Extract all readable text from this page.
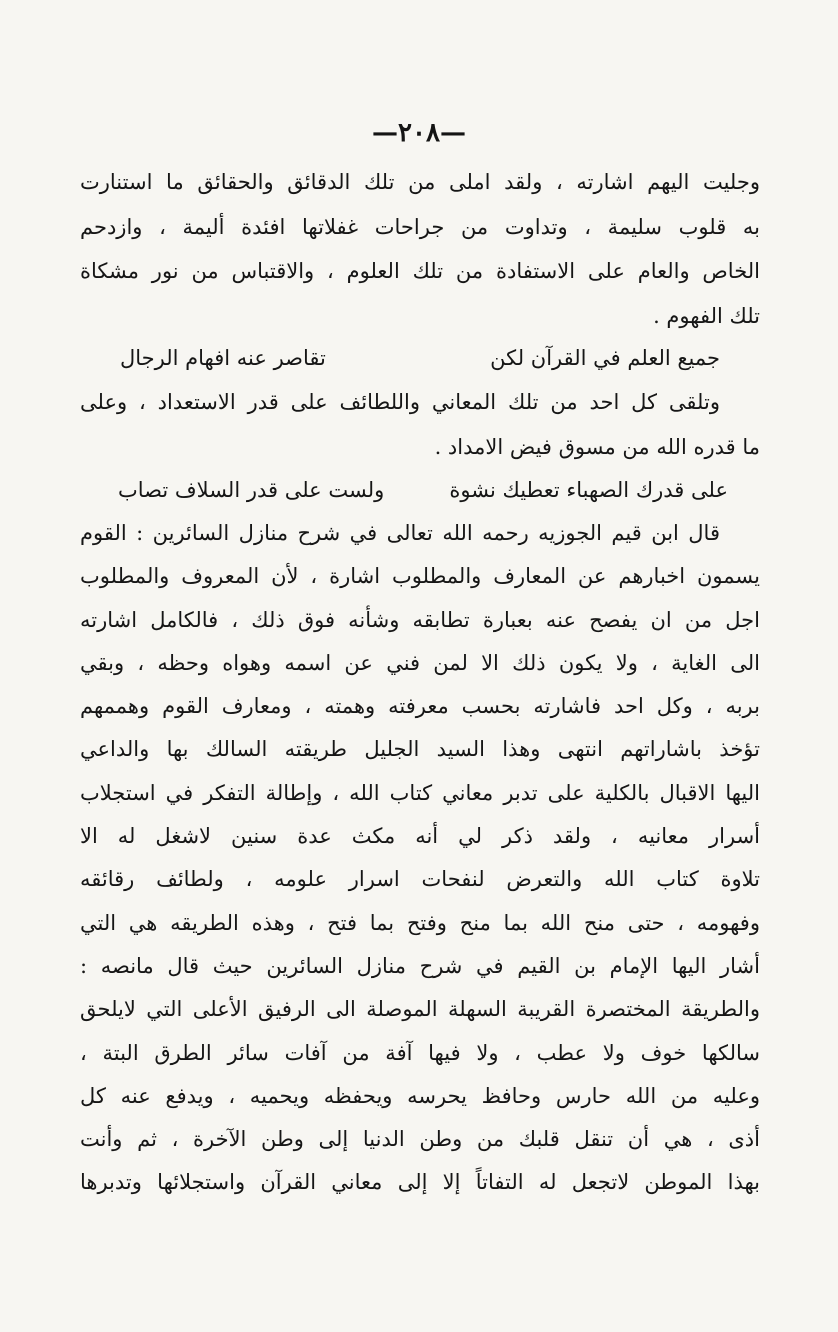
—٢٠٨—
وجليت اليهم اشارته ، ولقد املى من تلك الدقائق والحقائق ما استنارت
به قلوب سليمة ، وتداوت من جراحات غفلاتها افئدة أليمة ، وازدحم
الخاص والعام على الاستفادة من تلك العلوم ، والاقتباس من نور مشكاة
تلك الفهوم .
جميع العلم في القرآن لكن
تقاصر عنه افهام الرجال
وتلقى كل احد من تلك المعاني واللطائف على قدر الاستعداد ، وعلى
ما قدره الله من مسوق فيض الامداد .
على قدرك الصهباء تعطيك نشوة
ولست على قدر السلاف تصاب
قال ابن قيم الجوزيه رحمه الله تعالى في شرح منازل السائرين : القوم
يسمون اخبارهم عن المعارف والمطلوب اشارة ، لأن المعروف والمطلوب
اجل من ان يفصح عنه بعبارة تطابقه وشأنه فوق ذلك ، فالكامل اشارته
الى الغاية ، ولا يكون ذلك الا لمن فني عن اسمه وهواه وحظه ، وبقي
بربه ، وكل احد فاشارته بحسب معرفته وهمته ، ومعارف القوم وهممهم
تؤخذ باشاراتهم انتهى وهذا السيد الجليل طريقته السالك بها والداعي
اليها الاقبال بالكلية على تدبر معاني كتاب الله ، وإطالة التفكر في استجلاب
أسرار معانيه ، ولقد ذكر لي أنه مكث عدة سنين لاشغل له الا
تلاوة كتاب الله والتعرض لنفحات اسرار علومه ، ولطائف رقائقه
وفهومه ، حتى منح الله بما منح وفتح بما فتح ، وهذه الطريقه هي التي
أشار اليها الإمام بن القيم في شرح منازل السائرين حيث قال مانصه :
والطريقة المختصرة القريبة السهلة الموصلة الى الرفيق الأعلى التي لايلحق
سالكها خوف ولا عطب ، ولا فيها آفة من آفات سائر الطرق البتة ،
وعليه من الله حارس وحافظ يحرسه ويحفظه ويحميه ، ويدفع عنه كل
أذى ، هي أن تنقل قلبك من وطن الدنيا إلى وطن الآخرة ، ثم وأنت
بهذا الموطن لاتجعل له التفاتاً إلا إلى معاني القرآن واستجلائها وتدبرها
